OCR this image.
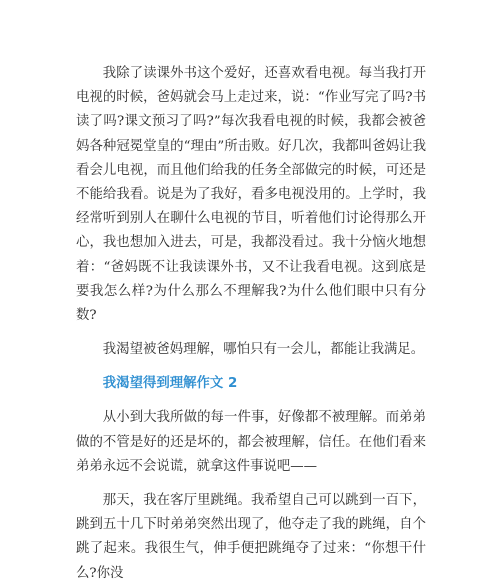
我除了读课外书这个爱好，还喜欢看电视。每当我打开电视的时候，爸妈就会马上走过来，说：“作业写完了吗?书读了吗?课文预习了吗?”每次我看电视的时候，我都会被爸妈各种冠冕堂皇的“理由”所击败。好几次，我都叫爸妈让我看会儿电视，而且他们给我的任务全部做完的时候，可还是不能给我看。说是为了我好，看多电视没用的。上学时，我经常听到别人在聊什么电视的节目，听着他们讨论得那么开心，我也想加入进去，可是，我都没看过。我十分恼火地想着：“爸妈既不让我读课外书，又不让我看电视。这到底是要我怎么样?为什么那么不理解我?为什么他们眼中只有分数?

我渴望被爸妈理解，哪怕只有一会儿，都能让我满足。

我渴望得到理解作文 2

从小到大我所做的每一件事，好像都不被理解。而弟弟做的不管是好的还是坏的，都会被理解，信任。在他们看来弟弟永远不会说谎，就拿这件事说吧——

那天，我在客厅里跳绳。我希望自己可以跳到一百下，跳到五十几下时弟弟突然出现了，他夺走了我的跳绳，自个跳了起来。我很生气，伸手便把跳绳夺了过来：“你想干什么?你没
